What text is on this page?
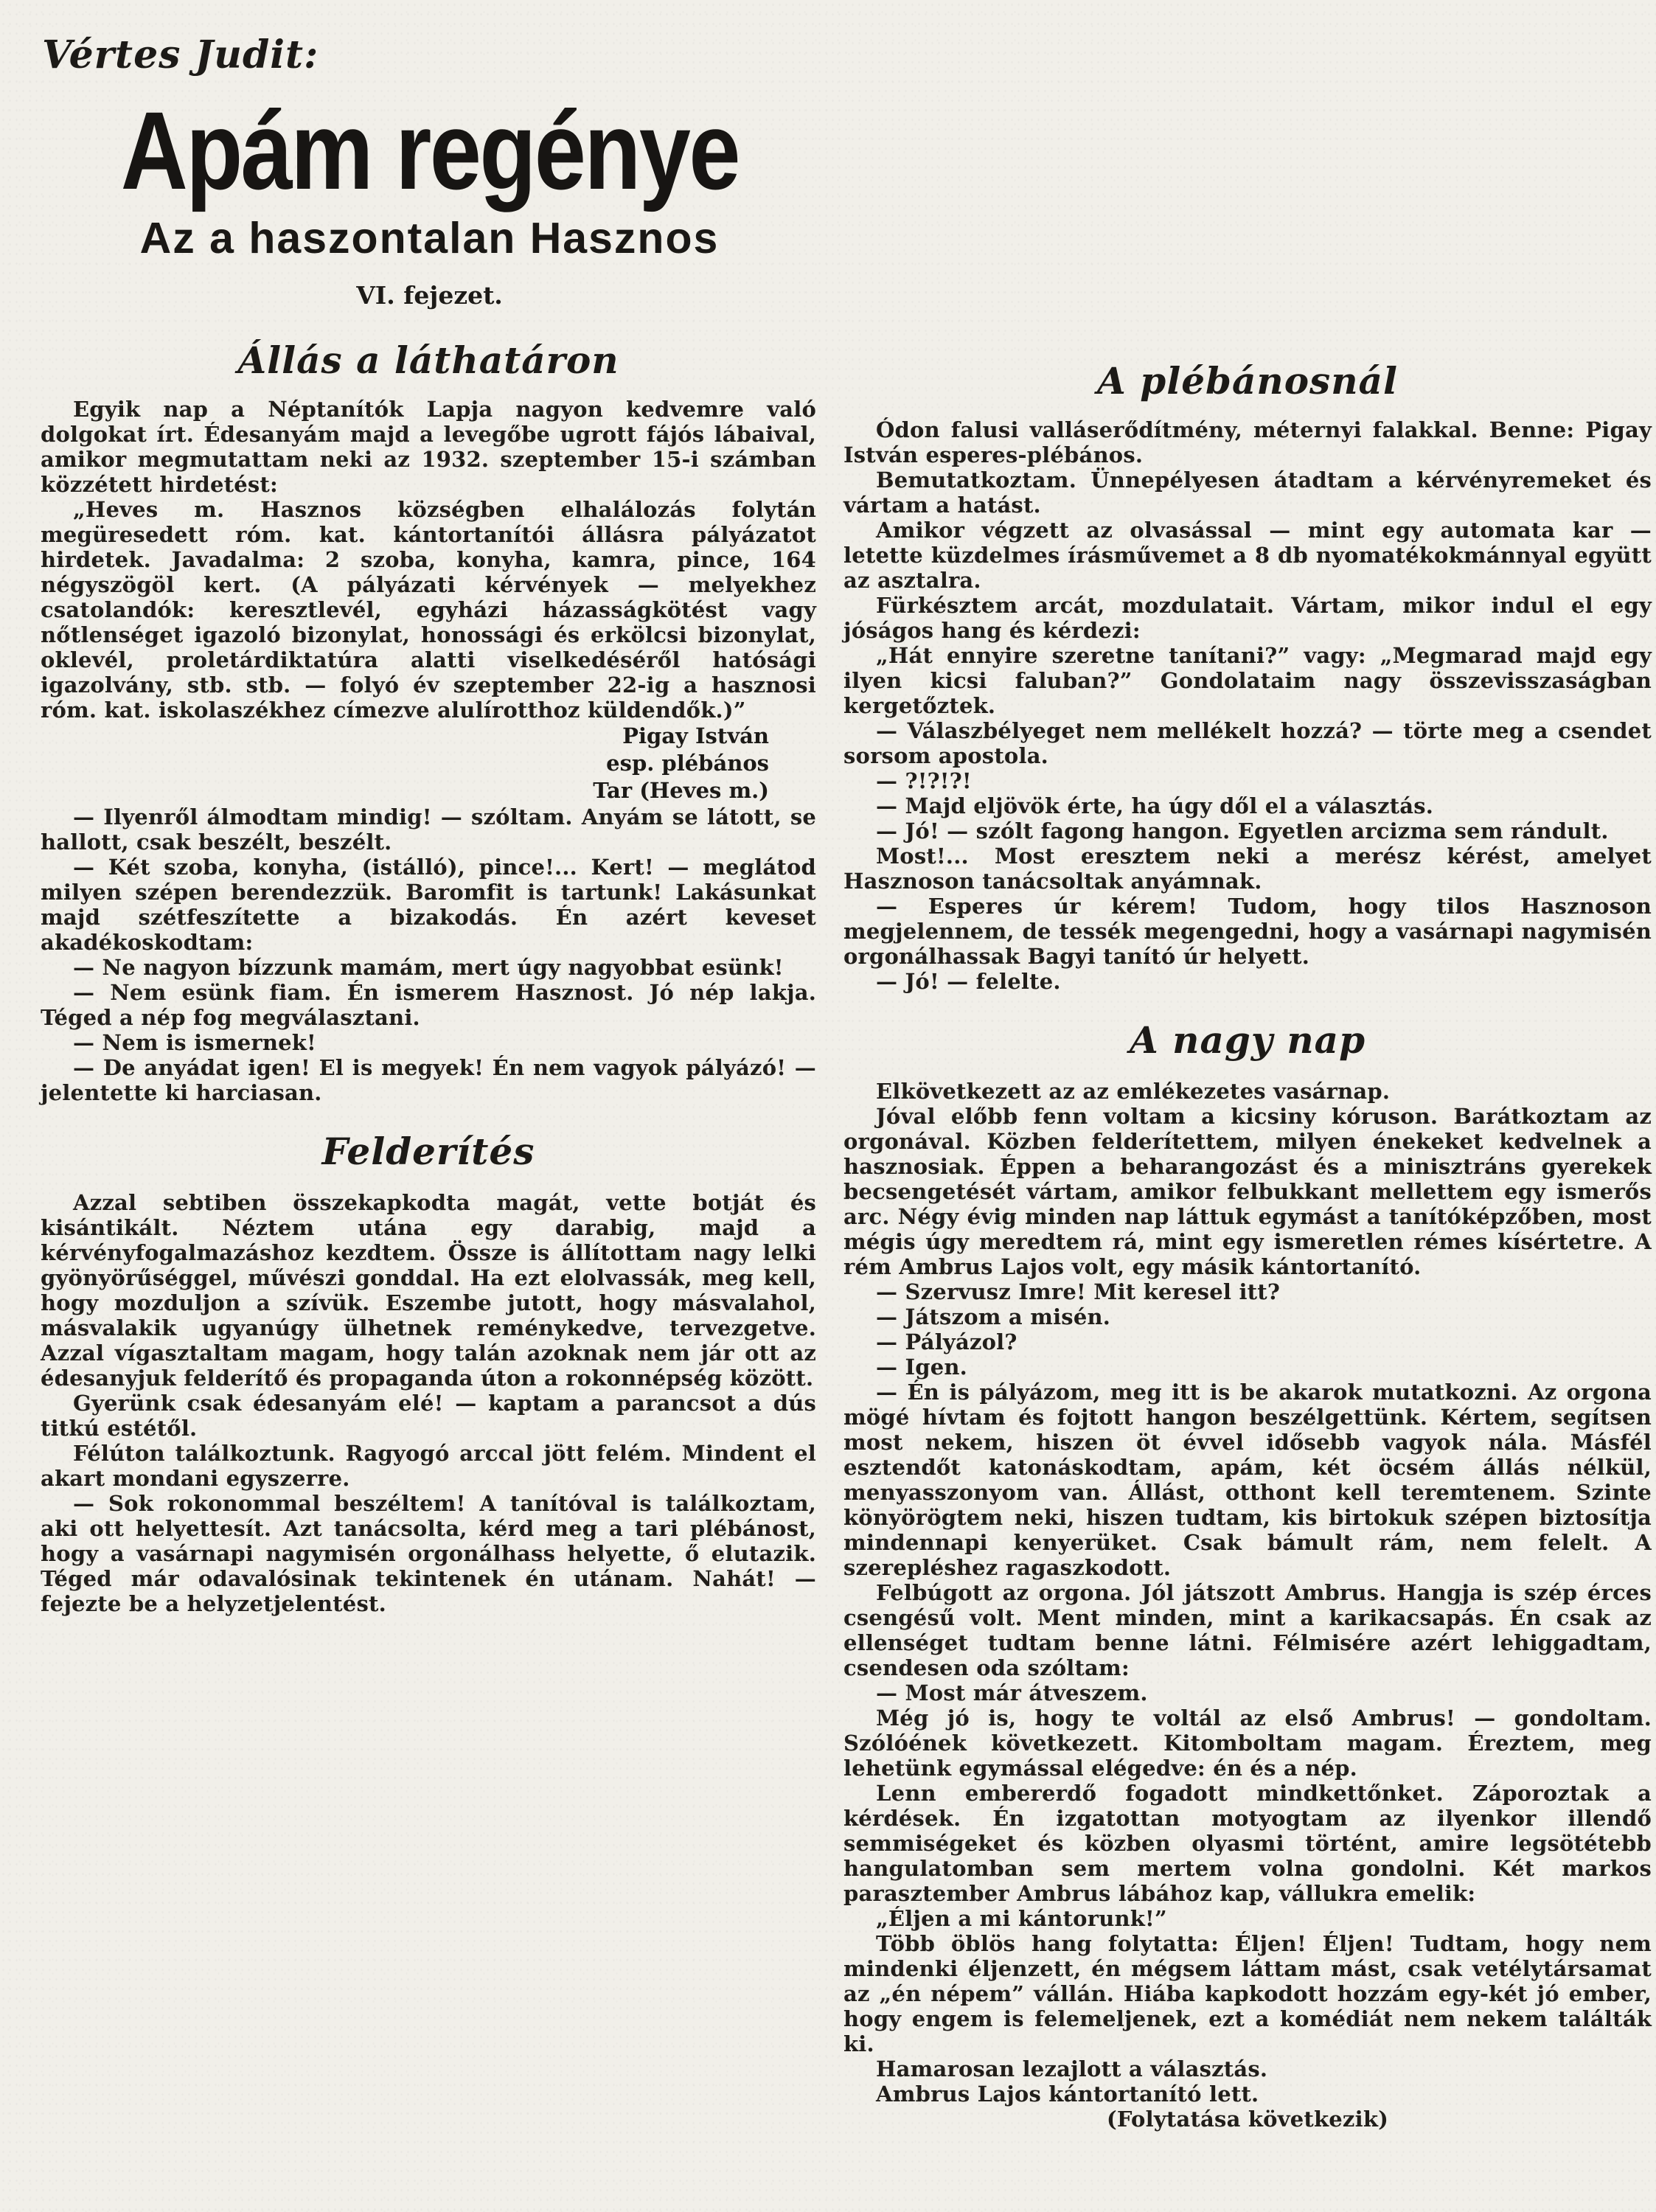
Vértes Judit:
Apám regénye
Az a haszontalan Hasznos
VI. fejezet.
Állás a láthatáron

Egyik nap a Néptanítók Lapja nagyon kedvemre való dolgokat írt. Édesanyám majd a levegőbe ugrott fájós lábaival, amikor megmutattam neki az 1932. szeptember 15-i számban közzétett hirdetést:

„Heves m. Hasznos községben elhalálozás folytán megüresedett róm. kat. kántortanítói állásra pályázatot hirdetek. Javadalma: 2 szoba, konyha, kamra, pince, 164 négyszögöl kert. (A pályázati kérvények — melyekhez csatolandók: keresztlevél, egyházi házasságkötést vagy nőtlenséget igazoló bizonylat, honossági és erkölcsi bizonylat, oklevél, proletárdiktatúra alatti viselkedéséről hatósági igazolvány, stb. stb. — folyó év szeptember 22-ig a hasznosi róm. kat. iskolaszékhez címezve alulírotthoz küldendők.)”

Pigay István
esp. plébános
Tar (Heves m.)

— Ilyenről álmodtam mindig! — szóltam. Anyám se látott, se hallott, csak beszélt, beszélt.

— Két szoba, konyha, (istálló), pince!... Kert! — meglátod milyen szépen berendezzük. Baromfit is tartunk! Lakásunkat majd szétfeszítette a bizakodás. Én azért keveset akadékoskodtam:

— Ne nagyon bízzunk mamám, mert úgy nagyobbat esünk!

— Nem esünk fiam. Én ismerem Hasznost. Jó nép lakja. Téged a nép fog megválasztani.

— Nem is ismernek!

— De anyádat igen! El is megyek! Én nem vagyok pályázó! — jelentette ki harciasan.

Felderítés

Azzal sebtiben összekapkodta magát, vette botját és kisántikált. Néztem utána egy darabig, majd a kérvényfogalmazáshoz kezdtem. Össze is állítottam nagy lelki gyönyörűséggel, művészi gonddal. Ha ezt elolvassák, meg kell, hogy mozduljon a szívük. Eszembe jutott, hogy másvalahol, másvalakik ugyanúgy ülhetnek reménykedve, tervezgetve. Azzal vígasztaltam magam, hogy talán azoknak nem jár ott az édesanyjuk felderítő és propaganda úton a rokonnépség között.

Gyerünk csak édesanyám elé! — kaptam a parancsot a dús titkú estétől.

Félúton találkoztunk. Ragyogó arccal jött felém. Mindent el akart mondani egyszerre.

— Sok rokonommal beszéltem! A tanítóval is találkoztam, aki ott helyettesít. Azt tanácsolta, kérd meg a tari plébánost, hogy a vasárnapi nagymisén orgonálhass helyette, ő elutazik. Téged már odavalósinak tekintenek én utánam. Nahát! — fejezte be a helyzetjelentést.

A plébánosnál

Ódon falusi valláserődítmény, méternyi falakkal. Benne: Pigay István esperes-plébános.

Bemutatkoztam. Ünnepélyesen átadtam a kérvényremeket és vártam a hatást.

Amikor végzett az olvasással — mint egy automata kar — letette küzdelmes írásművemet a 8 db nyomatékokmánnyal együtt az asztalra.

Fürkésztem arcát, mozdulatait. Vártam, mikor indul el egy jóságos hang és kérdezi:

„Hát ennyire szeretne tanítani?” vagy: „Megmarad majd egy ilyen kicsi faluban?” Gondolataim nagy összevisszaságban kergetőztek.

— Válaszbélyeget nem mellékelt hozzá? — törte meg a csendet sorsom apostola.

— ?!?!?!

— Majd eljövök érte, ha úgy dől el a választás.

— Jó! — szólt fagong hangon. Egyetlen arcizma sem rándult.

Most!... Most eresztem neki a merész kérést, amelyet Hasznoson tanácsoltak anyámnak.

— Esperes úr kérem! Tudom, hogy tilos Hasznoson megjelennem, de tessék megengedni, hogy a vasárnapi nagymisén orgonálhassak Bagyi tanító úr helyett.

— Jó! — felelte.

A nagy nap

Elkövetkezett az az emlékezetes vasárnap.

Jóval előbb fenn voltam a kicsiny kóruson. Barátkoztam az orgonával. Közben felderítettem, milyen énekeket kedvelnek a hasznosiak. Éppen a beharangozást és a minisztráns gyerekek becsengetését vártam, amikor felbukkant mellettem egy ismerős arc. Négy évig minden nap láttuk egymást a tanítóképzőben, most mégis úgy meredtem rá, mint egy ismeretlen rémes kísértetre. A rém Ambrus Lajos volt, egy másik kántortanító.

— Szervusz Imre! Mit keresel itt?

— Játszom a misén.

— Pályázol?

— Igen.

— Én is pályázom, meg itt is be akarok mutatkozni. Az orgona mögé hívtam és fojtott hangon beszélgettünk. Kértem, segítsen most nekem, hiszen öt évvel idősebb vagyok nála. Másfél esztendőt katonáskodtam, apám, két öcsém állás nélkül, menyasszonyom van. Állást, otthont kell teremtenem. Szinte könyörögtem neki, hiszen tudtam, kis birtokuk szépen biztosítja mindennapi kenyerüket. Csak bámult rám, nem felelt. A szerepléshez ragaszkodott.

Felbúgott az orgona. Jól játszott Ambrus. Hangja is szép érces csengésű volt. Ment minden, mint a karikacsapás. Én csak az ellenséget tudtam benne látni. Félmisére azért lehiggadtam, csendesen oda szóltam:

— Most már átveszem.

Még jó is, hogy te voltál az első Ambrus! — gondoltam. Szólóének következett. Kitomboltam magam. Éreztem, meg lehetünk egymással elégedve: én és a nép.

Lenn embererdő fogadott mindkettőnket. Záporoztak a kérdések. Én izgatottan motyogtam az ilyenkor illendő semmiségeket és közben olyasmi történt, amire legsötétebb hangulatomban sem mertem volna gondolni. Két markos parasztember Ambrus lábához kap, vállukra emelik:

„Éljen a mi kántorunk!”

Több öblös hang folytatta: Éljen! Éljen! Tudtam, hogy nem mindenki éljenzett, én mégsem láttam mást, csak vetélytársamat az „én népem” vállán. Hiába kapkodott hozzám egy-két jó ember, hogy engem is felemeljenek, ezt a komédiát nem nekem találták ki.

Hamarosan lezajlott a választás.

Ambrus Lajos kántortanító lett.

(Folytatása következik)
